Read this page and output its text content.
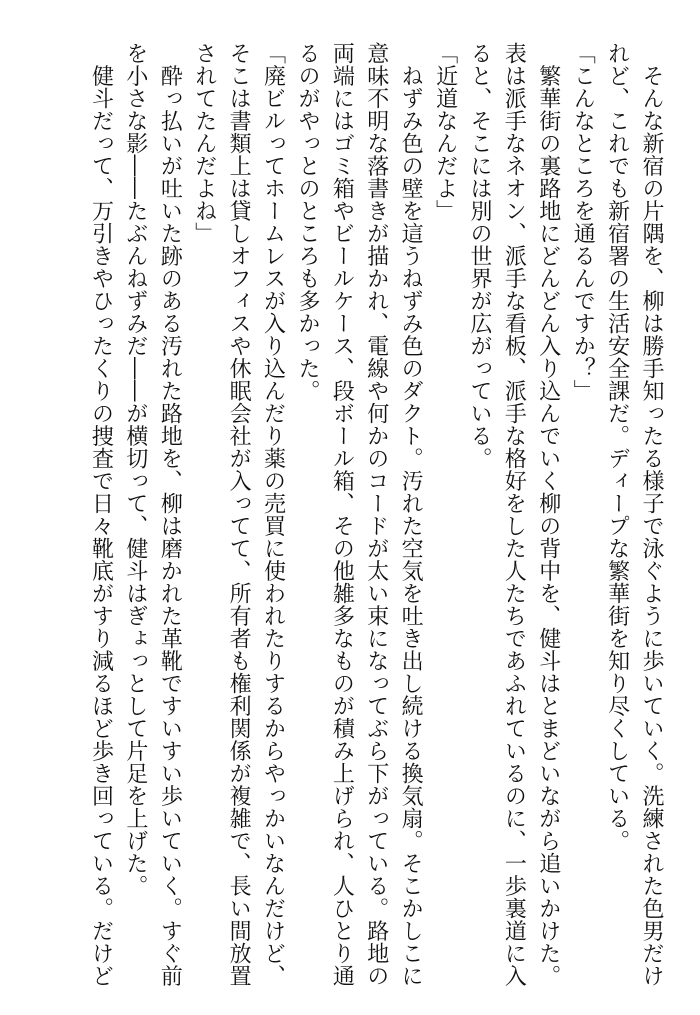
　そんな新宿の片隅を、柳は勝手知ったる様子で泳ぐように歩いていく。洗練された色男だけ
れど、これでも新宿署の生活安全課だ。ディープな繁華街を知り尽くしている。
「こんなところを通るんですか？」
　繁華街の裏路地にどんどん入り込んでいく柳の背中を、健斗はとまどいながら追いかけた。
表は派手なネオン、派手な看板、派手な格好をした人たちであふれているのに、一歩裏道に入
ると、そこには別の世界が広がっている。
「近道なんだよ」
　ねずみ色の壁を這うねずみ色のダクト。汚れた空気を吐き出し続ける換気扇。そこかしこに
意味不明な落書きが描かれ、電線や何かのコードが太い束になってぶら下がっている。路地の
両端にはゴミ箱やビールケース、段ボール箱、その他雑多なものが積み上げられ、人ひとり通
るのがやっとのところも多かった。
「廃ビルってホームレスが入り込んだり薬の売買に使われたりするからやっかいなんだけど、
そこは書類上は貸しオフィスや休眠会社が入ってて、所有者も権利関係が複雑で、長い間放置
されてたんだよね」
　酔っ払いが吐いた跡のある汚れた路地を、柳は磨かれた革靴ですいすい歩いていく。すぐ前
を小さな影――たぶんねずみだ――が横切って、健斗はぎょっとして片足を上げた。
　健斗だって、万引きやひったくりの捜査で日々靴底がすり減るほど歩き回っている。だけど
